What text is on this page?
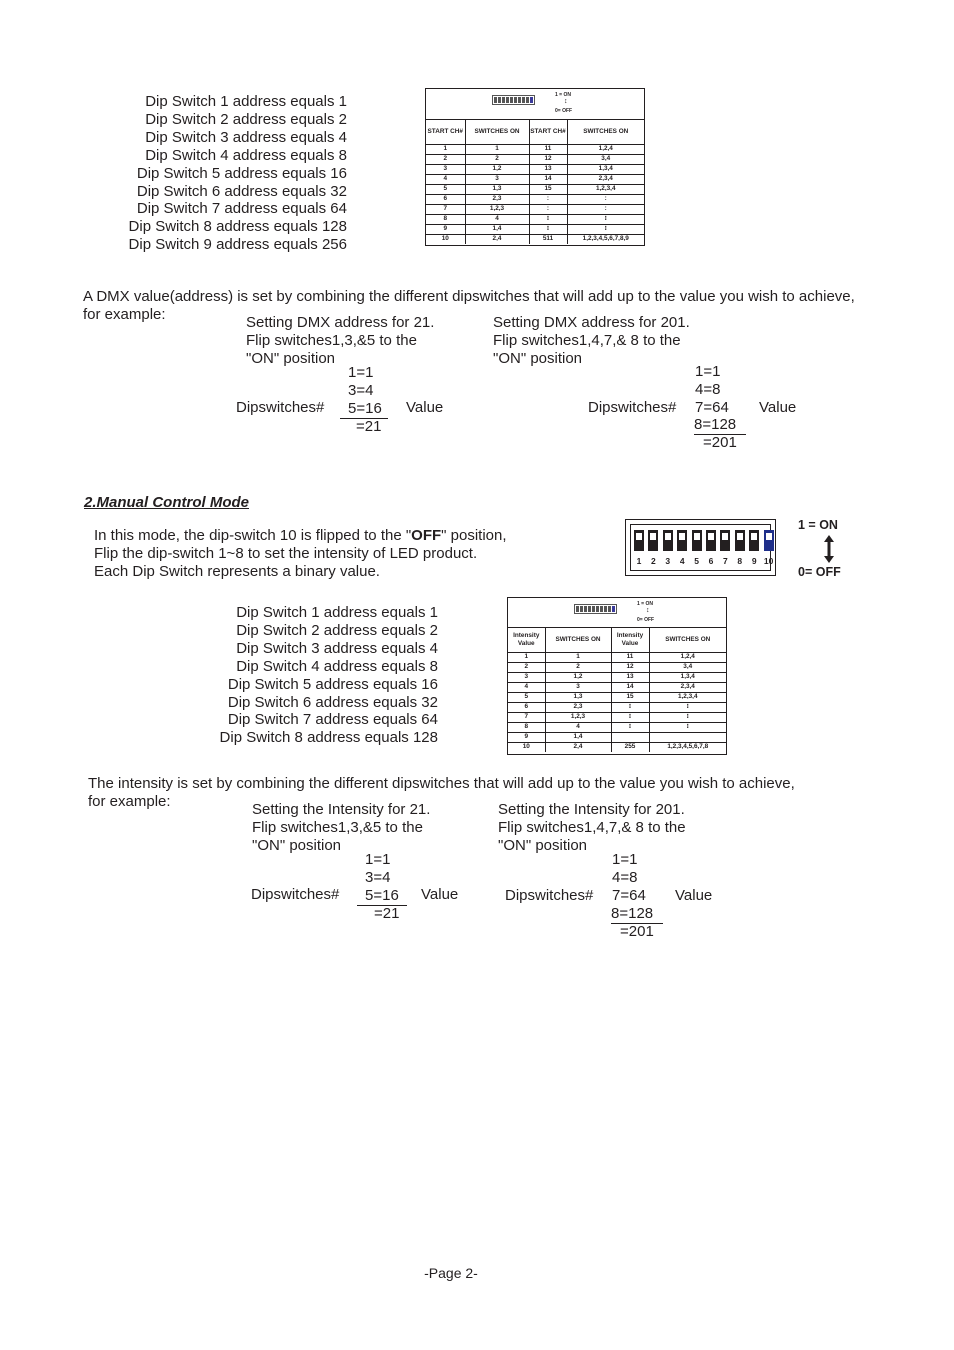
Dip Switch 1 address equals 1
Dip Switch 2 address equals 2
Dip Switch 3 address equals 4
Dip Switch 4 address equals 8
Dip Switch 5 address equals 16
Dip Switch 6 address equals 32
Dip Switch 7 address equals 64
Dip Switch 8 address equals 128
Dip Switch 9 address equals 256
1 = ON
↕
0= OFF
START CH#	SWITCHES ON	START CH#	SWITCHES ON
1	1	11	1,2,4
2	2	12	3,4
3	1,2	13	1,3,4
4	3	14	2,3,4
5	1,3	15	1,2,3,4
6	2,3	:	:
7	1,2,3	:	:
8	4	⁝	⁝
9	1,4	⁝	⁝
10	2,4	511	1,2,3,4,5,6,7,8,9
A DMX value(address) is set by combining the different dipswitches that will add up to the value you wish to achieve,
for example:	Setting DMX address for 21.
Flip switches1,3,&5 to the
"ON" position
1=1
3=4
Dipswitches#	5=16	Value
=21
Setting DMX address for 201.
Flip switches1,4,7,& 8 to the
"ON" position
1=1
4=8
7=64
Dipswitches#	Value
8=128
=201
2.Manual Control Mode
In this mode, the dip-switch 10 is flipped to the "OFF" position,
Flip the dip-switch 1~8 to set the intensity of LED product.
Each Dip Switch represents a binary value.
1	2	3	4	5	6	7	8	9 10
1 = ON
0= OFF
Dip Switch 1 address equals 1
Dip Switch 2 address equals 2
Dip Switch 3 address equals 4
Dip Switch 4 address equals 8
Dip Switch 5 address equals 16
Dip Switch 6 address equals 32
Dip Switch 7 address equals 64
Dip Switch 8 address equals 128
1 = ON
↕
0= OFF
Intensity Value	SWITCHES ON	Intensity Value	SWITCHES ON
1	1	11	1,2,4
2	2	12	3,4
3	1,2	13	1,3,4
4	3	14	2,3,4
5	1,3	15	1,2,3,4
6	2,3	⁝	⁝
7	1,2,3	⁝	⁝
8	4	⁝	⁝
9	1,4		
10	2,4	255	1,2,3,4,5,6,7,8
The intensity is set by combining the different dipswitches that will add up to the value you wish to achieve,
for example:	Setting the Intensity for 21.
Flip switches1,3,&5 to the
"ON" position
1=1
3=4
Dipswitches#	5=16	Value
=21
Setting the Intensity for 201.
Flip switches1,4,7,& 8 to the
"ON" position
1=1
4=8
7=64
Dipswitches#	Value
8=128
=201
-Page 2-
